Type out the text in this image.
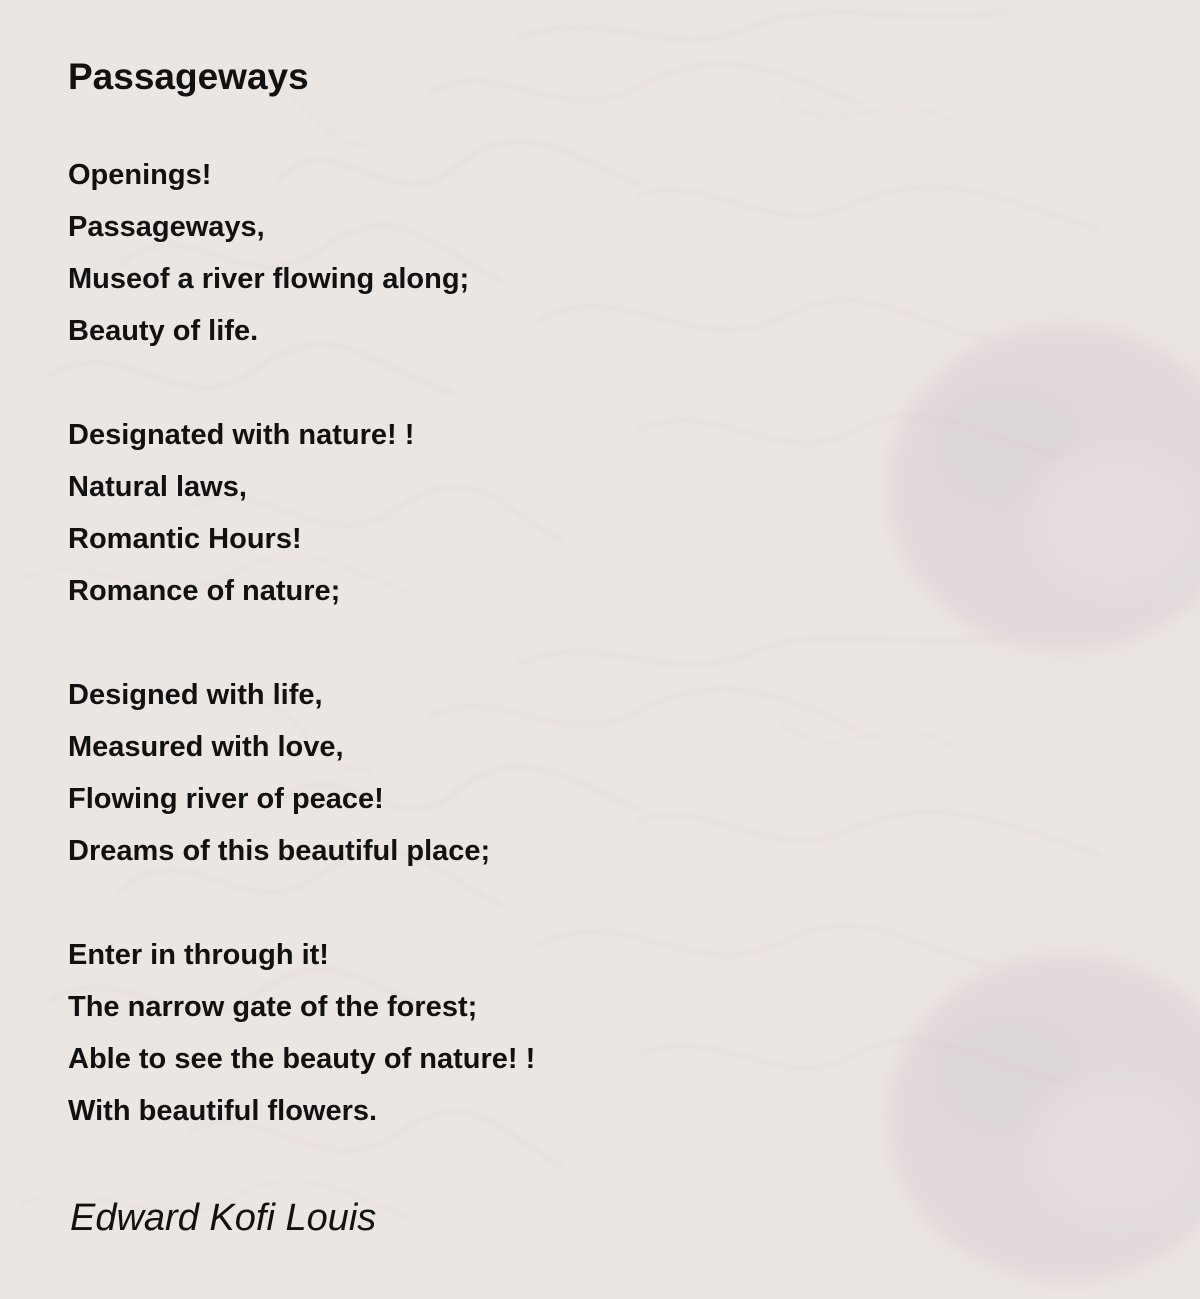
Passageways
Openings!
Passageways,
Museof a river flowing along;
Beauty of life.
Designated with nature! !
Natural laws,
Romantic Hours!
Romance of nature;
Designed with life,
Measured with love,
Flowing river of peace!
Dreams of this beautiful place;
Enter in through it!
The narrow gate of the forest;
Able to see the beauty of nature! !
With beautiful flowers.

Edward Kofi Louis
